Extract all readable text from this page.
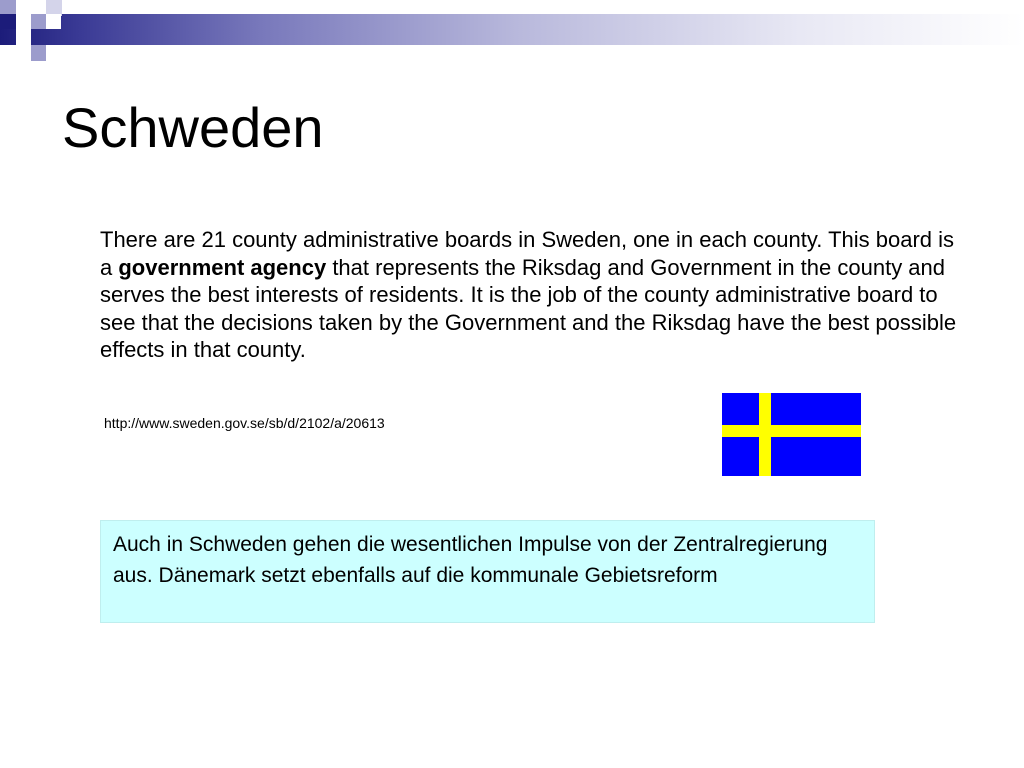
Schweden

There are 21 county administrative boards in Sweden, one in each county. This board is a government agency that represents the Riksdag and Government in the county and serves the best interests of residents. It is the job of the county administrative board to see that the decisions taken by the Government and the Riksdag have the best possible effects in that county.

http://www.sweden.gov.se/sb/d/2102/a/20613

Auch in Schweden gehen die wesentlichen Impulse von der Zentralregierung aus. Dänemark setzt ebenfalls auf die kommunale Gebietsreform
